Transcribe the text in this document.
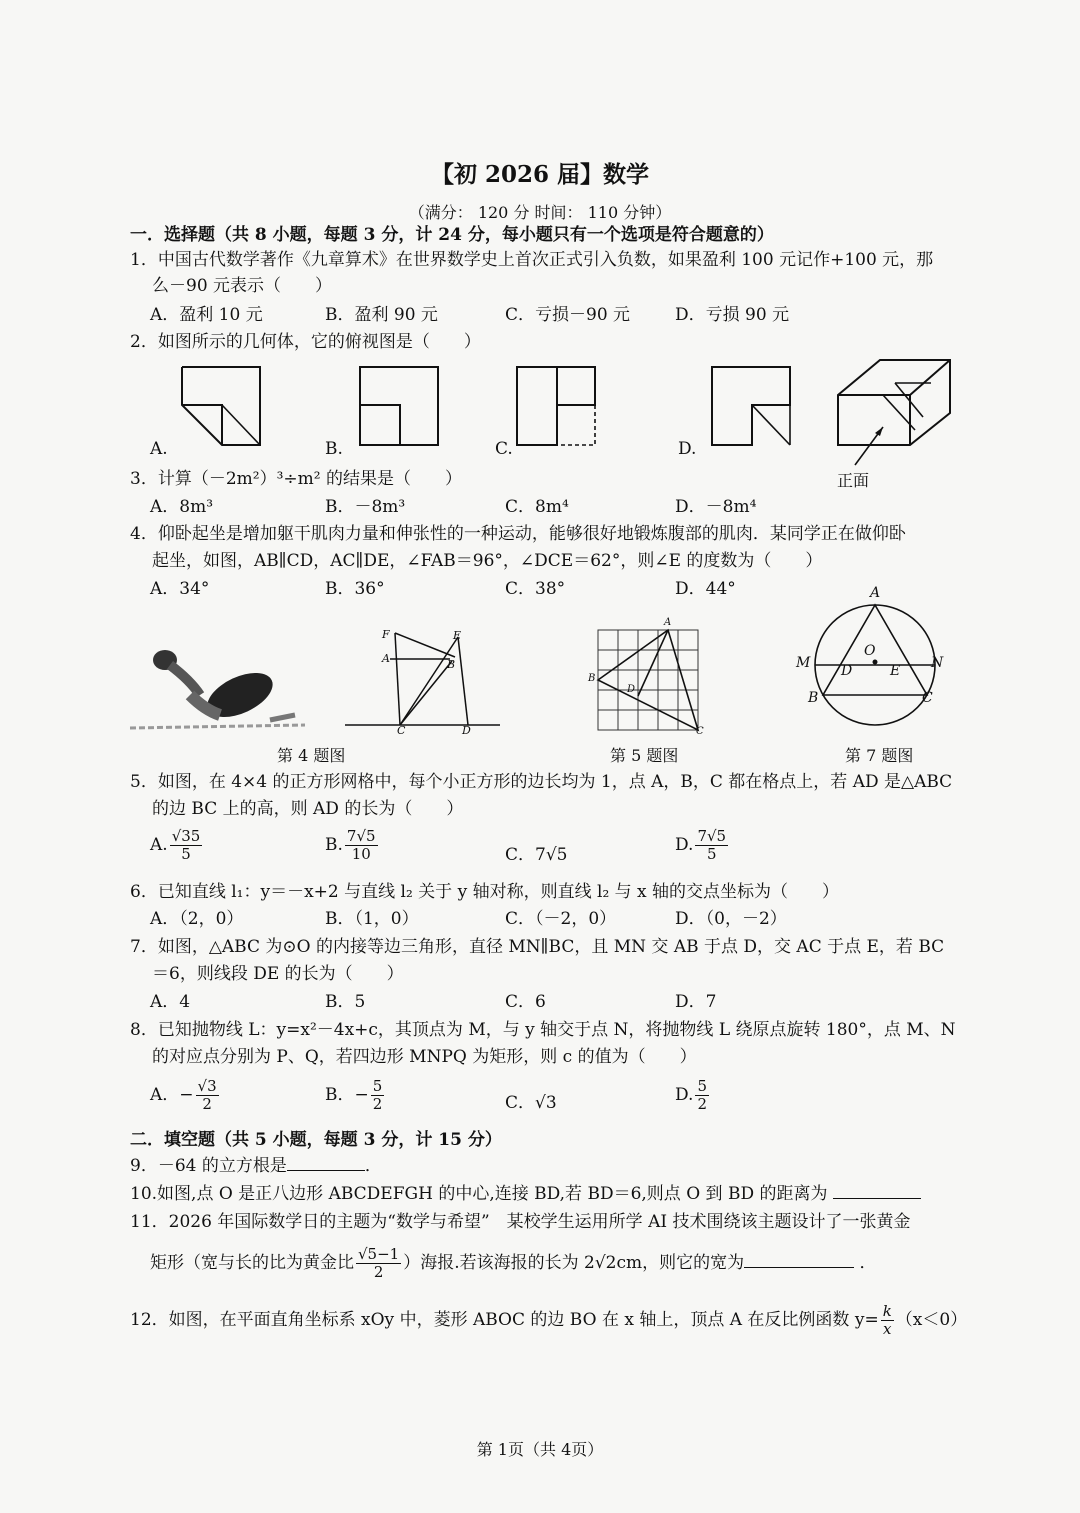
【初 2026 届】数学
（满分： 120 分 时间： 110 分钟）
一．选择题（共 8 小题，每题 3 分，计 24 分，每小题只有一个选项是符合题意的）
1．中国古代数学著作《九章算术》在世界数学史上首次正式引入负数，如果盈利 100 元记作+100 元，那
么－90 元表示（　　）
A．盈利 10 元	B．盈利 90 元	C．亏损－90 元	D．亏损 90 元
2．如图所示的几何体，它的俯视图是（　　）
A.	B.	C.	D.
正面
3．计算（－2m²）³÷m² 的结果是（　　）
A．8m³	B．－8m³	C．8m⁴	D．－8m⁴
4．仰卧起坐是增加躯干肌肉力量和伸张性的一种运动，能够很好地锻炼腹部的肌肉．某同学正在做仰卧
起坐，如图，AB∥CD，AC∥DE，∠FAB＝96°，∠DCE＝62°，则∠E 的度数为（　　）
A．34°	B．36°	C．38°	D．44°
F	E
A	B
C	D
第 4 题图
A
B
D
C
第 5 题图
A
O
M D	E N
B	C
第 7 题图
5．如图，在 4×4 的正方形网格中，每个小正方形的边长均为 1，点 A，B，C 都在格点上，若 AD 是△ABC
的边 BC 上的高，则 AD 的长为（　　）
A. $\frac{√35}{5}$	B. $\frac{7√5}{10}$	C．7√5	D. $\frac{7√5}{5}$
6．已知直线 l₁：y＝－x+2 与直线 l₂ 关于 y 轴对称，则直线 l₂ 与 x 轴的交点坐标为（　　）
A．（2，0）	B．（1，0）	C．（－2，0）	D．（0，－2）
7．如图，△ABC 为⊙O 的内接等边三角形，直径 MN∥BC，且 MN 交 AB 于点 D，交 AC 于点 E，若 BC
＝6，则线段 DE 的长为（　　）
A．4	B．5	C．6	D．7
8．已知抛物线 L：y=x²－4x+c，其顶点为 M，与 y 轴交于点 N，将抛物线 L 绕原点旋转 180°，点 M、N
的对应点分别为 P、Q，若四边形 MNPQ 为矩形，则 c 的值为（　　）
A．− $\frac{√3}{2}$	B．− $\frac{5}{2}$	C．√3	D. $\frac{5}{2}$
二．填空题（共 5 小题，每题 3 分，计 15 分）
9．－64 的立方根是	．
10.如图,点 O 是正八边形 ABCDEFGH 的中心,连接 BD,若 BD＝6,则点 O 到 BD 的距离为
11．2026 年国际数学日的主题为“数学与希望”　某校学生运用所学 AI 技术围绕该主题设计了一张黄金
矩形（宽与长的比为黄金比 $\frac{√5-1}{2}$ ）海报.若该海报的长为 2√2cm，则它的宽为	．
12．如图，在平面直角坐标系 xOy 中，菱形 ABOC 的边 BO 在 x 轴上，顶点 A 在反比例函数 $y= \frac{k}{x} (x<0)$
第 1页（共 4页）
